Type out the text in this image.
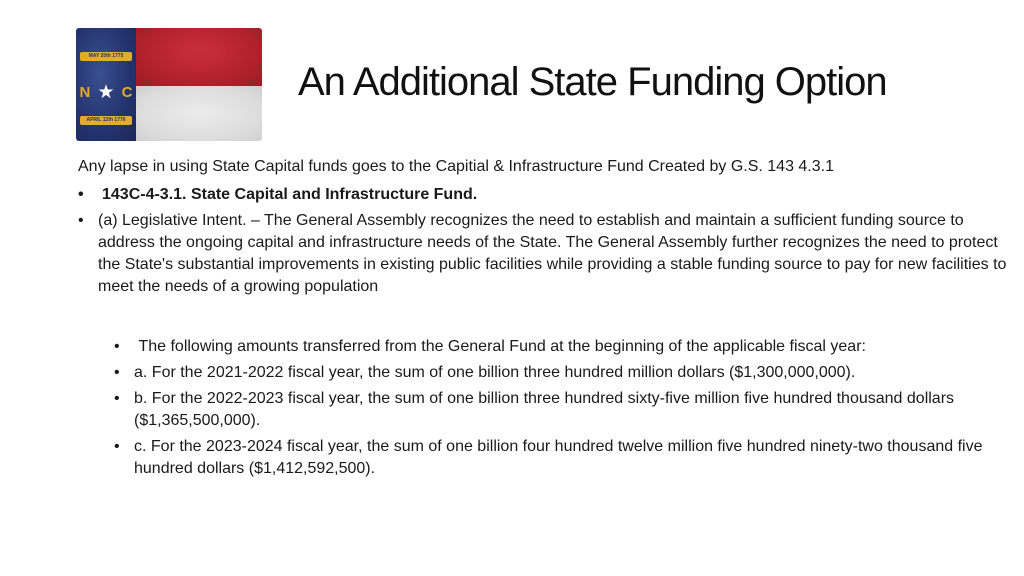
MAY 20th 1775
N ★ C
APRIL 12th 1776
An Additional State Funding Option

Any lapse in using State Capital funds goes to the Capitial & Infrastructure Fund Created by G.S. 143 4.3.1

• 143C-4-3.1. State Capital and Infrastructure Fund.
• (a) Legislative Intent. – The General Assembly recognizes the need to establish and maintain a sufficient funding source to address the ongoing capital and infrastructure needs of the State. The General Assembly further recognizes the need to protect the State's substantial improvements in existing public facilities while providing a stable funding source to pay for new facilities to meet the needs of a growing population
• The following amounts transferred from the General Fund at the beginning of the applicable fiscal year:
• a. For the 2021-2022 fiscal year, the sum of one billion three hundred million dollars ($1,300,000,000).
• b. For the 2022-2023 fiscal year, the sum of one billion three hundred sixty-five million five hundred thousand dollars ($1,365,500,000).
• c. For the 2023-2024 fiscal year, the sum of one billion four hundred twelve million five hundred ninety-two thousand five hundred dollars ($1,412,592,500).
